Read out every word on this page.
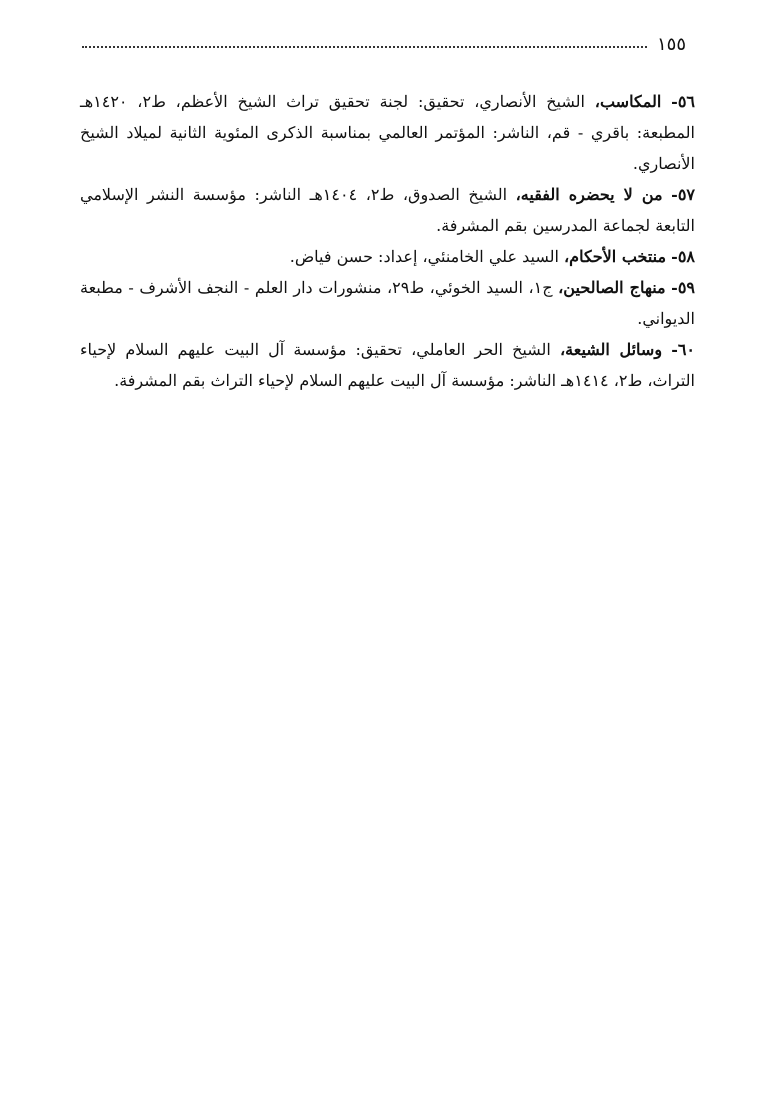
١٥٥

٥٦- المكاسب، الشيخ الأنصاري، تحقيق: لجنة تحقيق تراث الشيخ الأعظم، ط٢، ١٤٢٠هـ المطبعة: باقري - قم، الناشر: المؤتمر العالمي بمناسبة الذكرى المئوية الثانية لميلاد الشيخ الأنصاري.

٥٧- من لا يحضره الفقيه، الشيخ الصدوق، ط٢، ١٤٠٤هـ الناشر: مؤسسة النشر الإسلامي التابعة لجماعة المدرسين بقم المشرفة.

٥٨- منتخب الأحكام، السيد علي الخامنئي، إعداد: حسن فياض.

٥٩- منهاج الصالحين، ج١، السيد الخوئي، ط٢٩، منشورات دار العلم - النجف الأشرف - مطبعة الديواني.

٦٠- وسائل الشيعة، الشيخ الحر العاملي، تحقيق: مؤسسة آل البيت عليهم السلام لإحياء التراث، ط٢، ١٤١٤هـ الناشر: مؤسسة آل البيت عليهم السلام لإحياء التراث بقم المشرفة.
